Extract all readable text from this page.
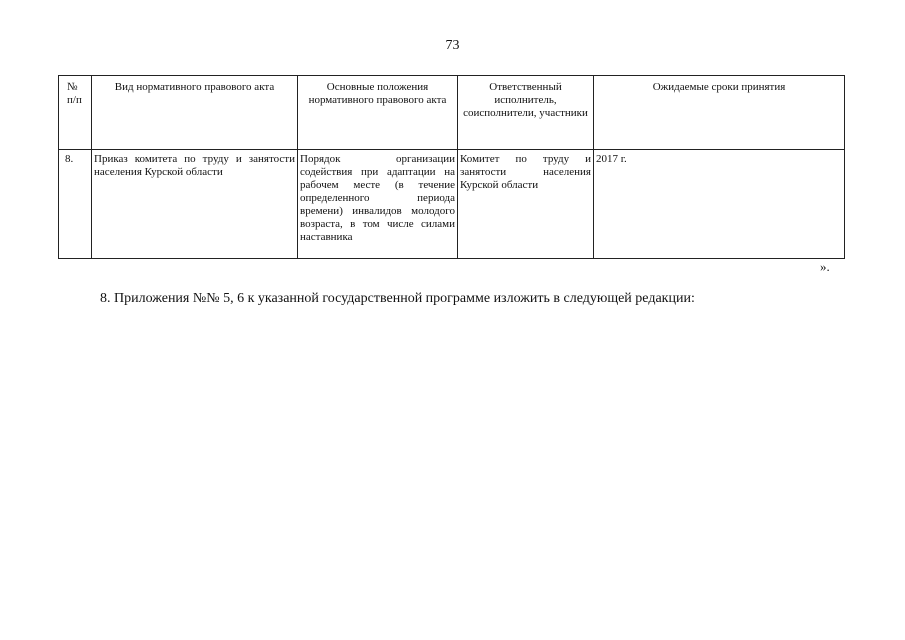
73
№ п/п	Вид нормативного правового акта	Основные положения нормативного правового акта	Ответственный исполнитель, соисполнители, участники	Ожидаемые сроки принятия
8.	Приказ комитета по труду и занятости населения Курской области	Порядок организации содействия при адаптации на рабочем месте (в течение определенного периода времени) инвалидов молодого возраста, в том числе силами наставника	Комитет по труду и занятости населения Курской области	2017 г.
».
8. Приложения №№ 5, 6 к указанной государственной программе изложить в следующей редакции:
